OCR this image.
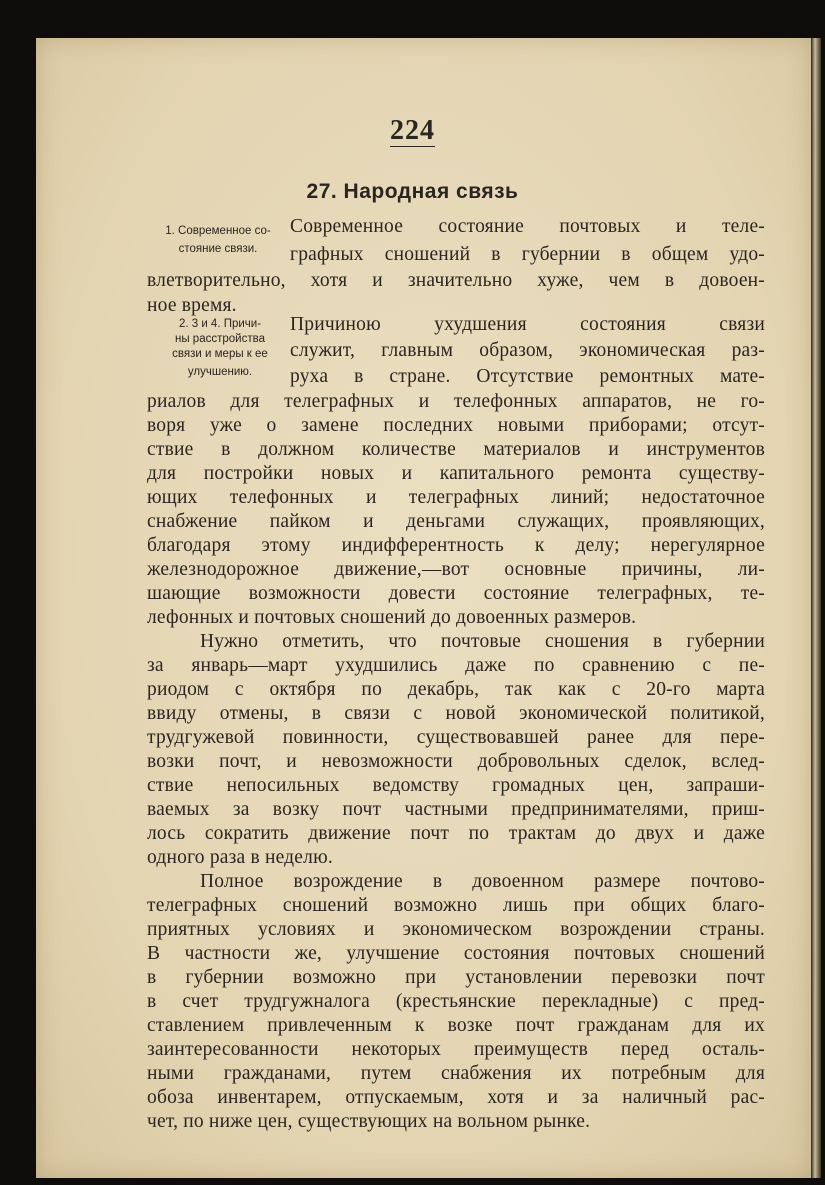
224
27. Народная связь
1. Современное со-
стояние связи.
2. 3 и 4. Причи-
ны расстройства
связи и меры к ее
улучшению.
Современное состояние почтовых и теле-
графных сношений в губернии в общем удо-
влетворительно, хотя и значительно хуже, чем в довоен-
ное время.
Причиною ухудшения состояния связи
служит, главным образом, экономическая раз-
руха в стране. Отсутствие ремонтных мате-
риалов для телеграфных и телефонных аппаратов, не го-
воря уже о замене последних новыми приборами; отсут-
ствие в должном количестве материалов и инструментов
для постройки новых и капитального ремонта существу-
ющих телефонных и телеграфных линий; недостаточное
снабжение пайком и деньгами служащих, проявляющих,
благодаря этому индифферентность к делу; нерегулярное
железнодорожное движение,—вот основные причины, ли-
шающие возможности довести состояние телеграфных, те-
лефонных и почтовых сношений до довоенных размеров.
Нужно отметить, что почтовые сношения в губернии
за январь—март ухудшились даже по сравнению с пе-
риодом с октября по декабрь, так как с 20-го марта
ввиду отмены, в связи с новой экономической политикой,
трудгужевой повинности, существовавшей ранее для пере-
возки почт, и невозможности добровольных сделок, вслед-
ствие непосильных ведомству громадных цен, запраши-
ваемых за возку почт частными предпринимателями, приш-
лось сократить движение почт по трактам до двух и даже
одного раза в неделю.
Полное возрождение в довоенном размере почтово-
телеграфных сношений возможно лишь при общих благо-
приятных условиях и экономическом возрождении страны.
В частности же, улучшение состояния почтовых сношений
в губернии возможно при установлении перевозки почт
в счет трудгужналога (крестьянские перекладные) с пред-
ставлением привлеченным к возке почт гражданам для их
заинтересованности некоторых преимуществ перед осталь-
ными гражданами, путем снабжения их потребным для
обоза инвентарем, отпускаемым, хотя и за наличный рас-
чет, по ниже цен, существующих на вольном рынке.
